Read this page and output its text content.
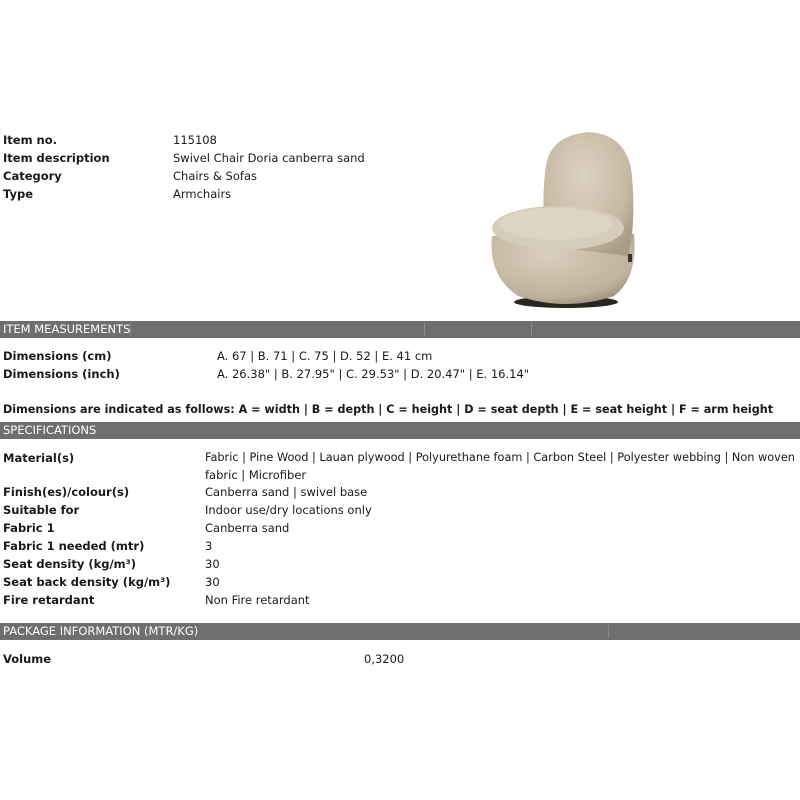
Item no.	115108
Item description	Swivel Chair Doria canberra sand
Category	Chairs & Sofas
Type	Armchairs
ITEM MEASUREMENTS
Dimensions (cm)	A. 67 | B. 71 | C. 75 | D. 52 | E. 41 cm
Dimensions (inch)	A. 26.38" | B. 27.95" | C. 29.53" | D. 20.47" | E. 16.14"
Dimensions are indicated as follows: A = width | B = depth | C = height | D = seat depth | E = seat height | F = arm height
SPECIFICATIONS
Material(s)	Fabric | Pine Wood | Lauan plywood | Polyurethane foam | Carbon Steel | Polyester webbing | Non woven
fabric | Microfiber
Finish(es)/colour(s)	Canberra sand | swivel base
Suitable for	Indoor use/dry locations only
Fabric 1	Canberra sand
Fabric 1 needed (mtr)	3
Seat density (kg/m³)	30
Seat back density (kg/m³)	30
Fire retardant	Non Fire retardant
PACKAGE INFORMATION (MTR/KG)
Volume	0,3200
